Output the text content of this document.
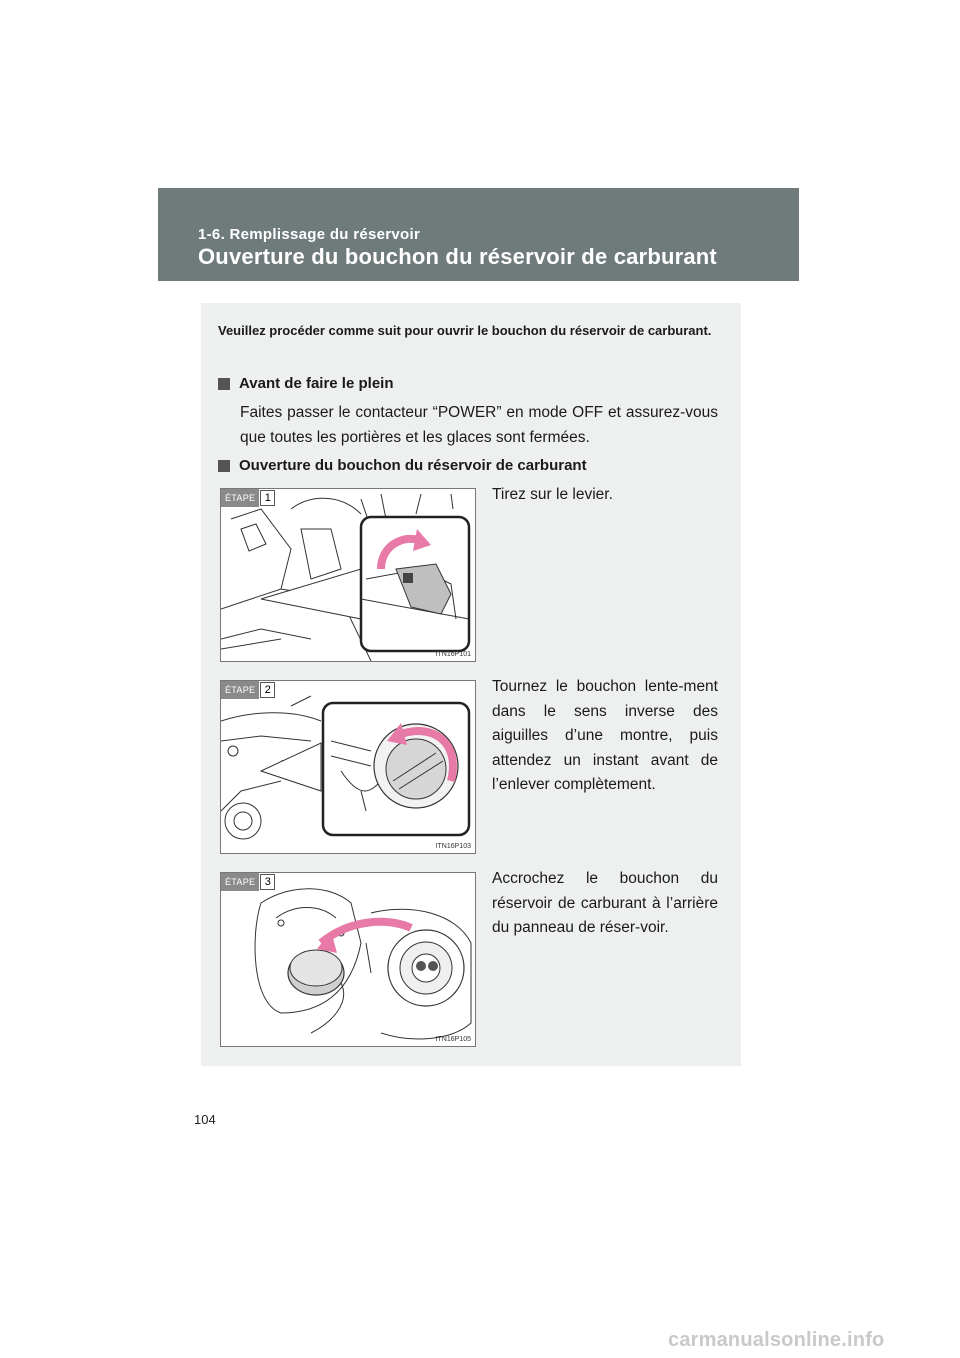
1-6. Remplissage du réservoir
Ouverture du bouchon du réservoir de carburant
Veuillez procéder comme suit pour ouvrir le bouchon du réservoir de carburant.
Avant de faire le plein
Faites passer le contacteur “POWER” en mode OFF et assurez-vous que toutes les portières et les glaces sont fermées.
Ouverture du bouchon du réservoir de carburant
ÉTAPE 1
ITN16P101
Tirez sur le levier.
ÉTAPE 2
ITN16P103
Tournez le bouchon lente-ment dans le sens inverse des aiguilles d’une montre, puis attendez un instant avant de l’enlever complètement.
ÉTAPE 3
ITN16P105
Accrochez le bouchon du réservoir de carburant à l’arrière du panneau de réser-voir.
104
carmanualsonline.info
